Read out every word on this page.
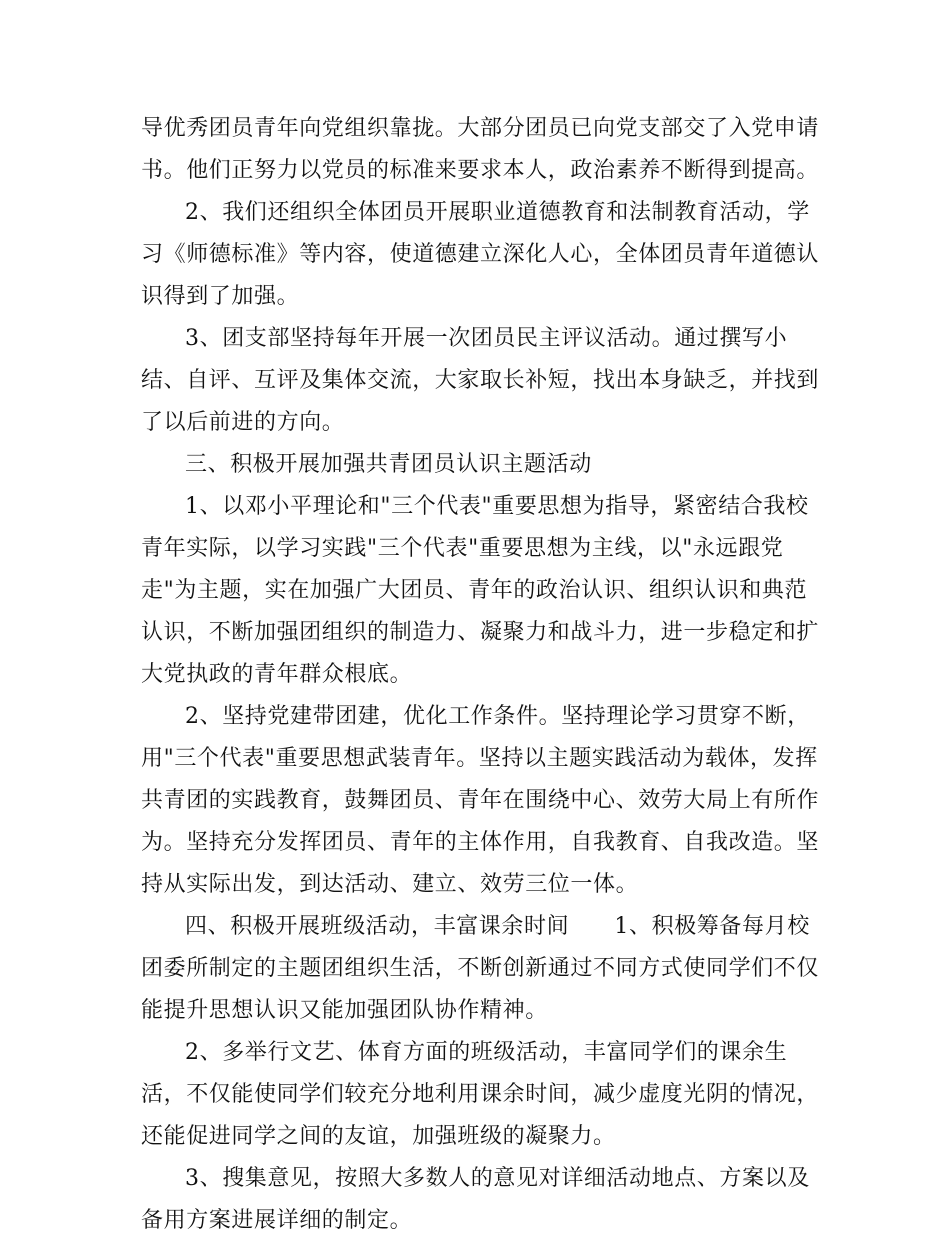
导优秀团员青年向党组织靠拢。大部分团员已向党支部交了入党申请书。他们正努力以党员的标准来要求本人，政治素养不断得到提高。

2、我们还组织全体团员开展职业道德教育和法制教育活动，学习《师德标准》等内容，使道德建立深化人心，全体团员青年道德认识得到了加强。

3、团支部坚持每年开展一次团员民主评议活动。通过撰写小结、自评、互评及集体交流，大家取长补短，找出本身缺乏，并找到了以后前进的方向。

三、积极开展加强共青团员认识主题活动

1、以邓小平理论和"三个代表"重要思想为指导，紧密结合我校青年实际，以学习实践"三个代表"重要思想为主线，以"永远跟党走"为主题，实在加强广大团员、青年的政治认识、组织认识和典范认识，不断加强团组织的制造力、凝聚力和战斗力，进一步稳定和扩大党执政的青年群众根底。

2、坚持党建带团建，优化工作条件。坚持理论学习贯穿不断，用"三个代表"重要思想武装青年。坚持以主题实践活动为载体，发挥共青团的实践教育，鼓舞团员、青年在围绕中心、效劳大局上有所作为。坚持充分发挥团员、青年的主体作用，自我教育、自我改造。坚持从实际出发，到达活动、建立、效劳三位一体。

四、积极开展班级活动，丰富课余时间　　1、积极筹备每月校团委所制定的主题团组织生活，不断创新通过不同方式使同学们不仅能提升思想认识又能加强团队协作精神。

2、多举行文艺、体育方面的班级活动，丰富同学们的课余生活，不仅能使同学们较充分地利用课余时间，减少虚度光阴的情况，还能促进同学之间的友谊，加强班级的凝聚力。

3、搜集意见，按照大多数人的意见对详细活动地点、方案以及备用方案进展详细的制定。
